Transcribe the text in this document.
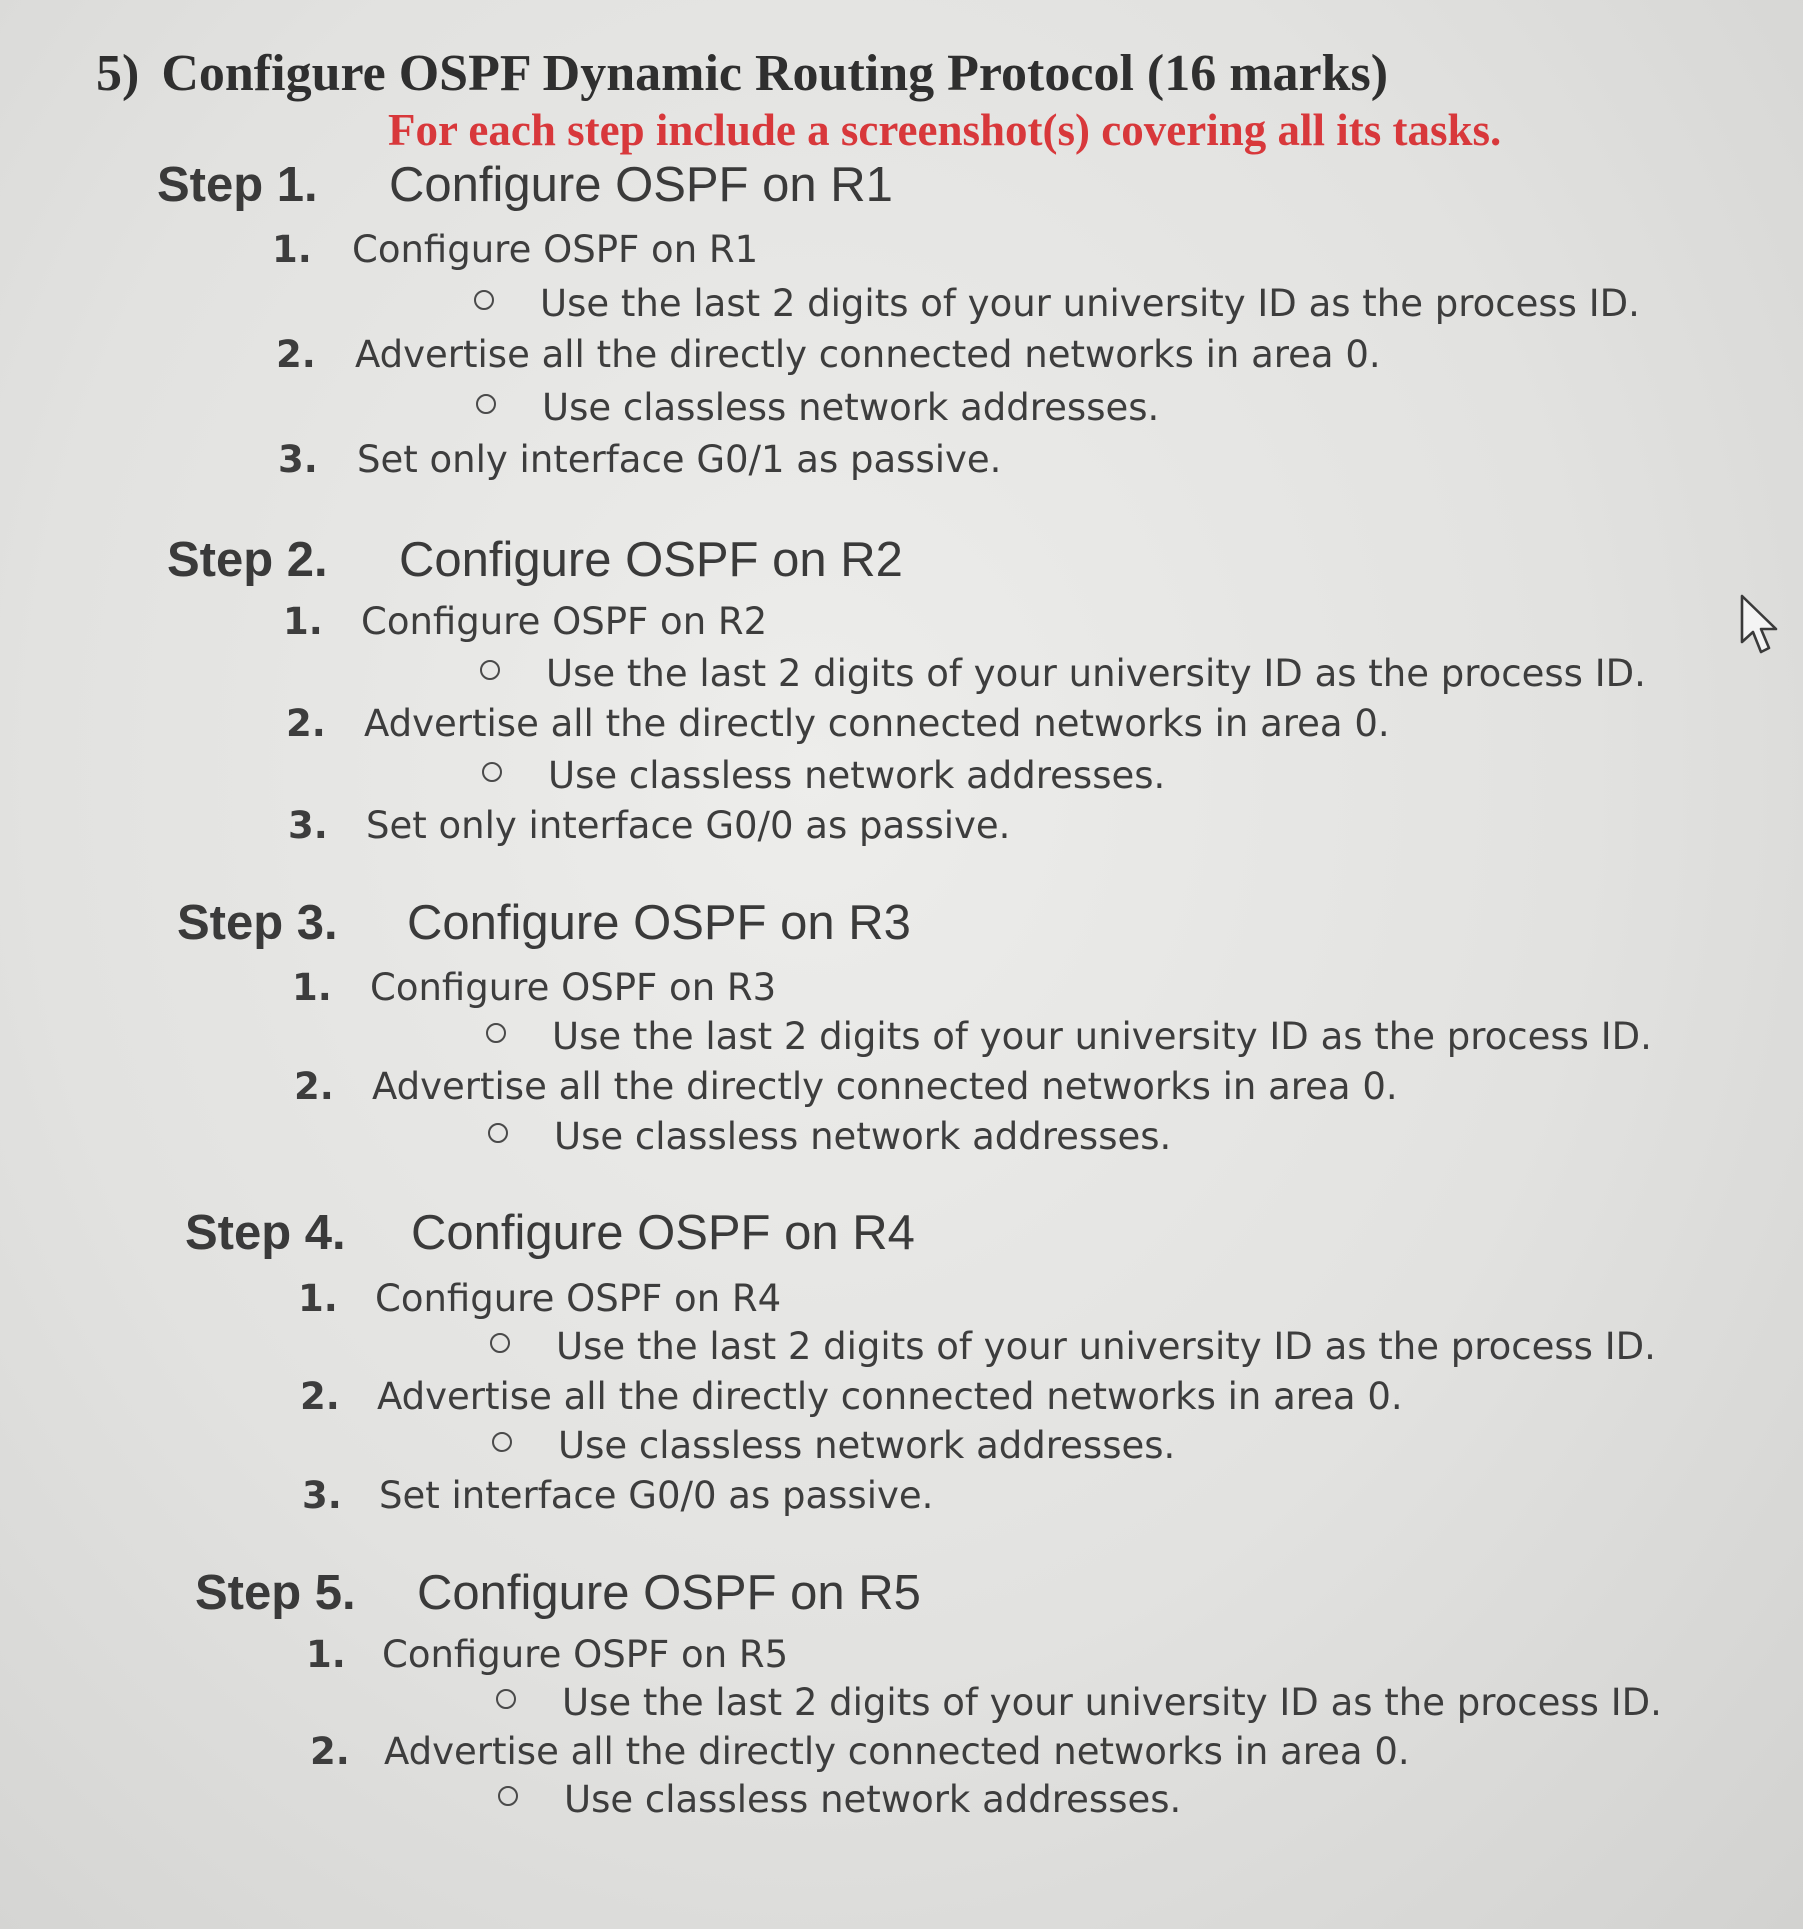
5) Configure OSPF Dynamic Routing Protocol (16 marks)
For each step include a screenshot(s) covering all its tasks.
Step 1. Configure OSPF on R1
1. Configure OSPF on R1
Use the last 2 digits of your university ID as the process ID.
2. Advertise all the directly connected networks in area 0.
Use classless network addresses.
3. Set only interface G0/1 as passive.
Step 2. Configure OSPF on R2
1. Configure OSPF on R2
Use the last 2 digits of your university ID as the process ID.
2. Advertise all the directly connected networks in area 0.
Use classless network addresses.
3. Set only interface G0/0 as passive.
Step 3. Configure OSPF on R3
1. Configure OSPF on R3
Use the last 2 digits of your university ID as the process ID.
2. Advertise all the directly connected networks in area 0.
Use classless network addresses.
Step 4. Configure OSPF on R4
1. Configure OSPF on R4
Use the last 2 digits of your university ID as the process ID.
2. Advertise all the directly connected networks in area 0.
Use classless network addresses.
3. Set interface G0/0 as passive.
Step 5. Configure OSPF on R5
1. Configure OSPF on R5
Use the last 2 digits of your university ID as the process ID.
2. Advertise all the directly connected networks in area 0.
Use classless network addresses.
